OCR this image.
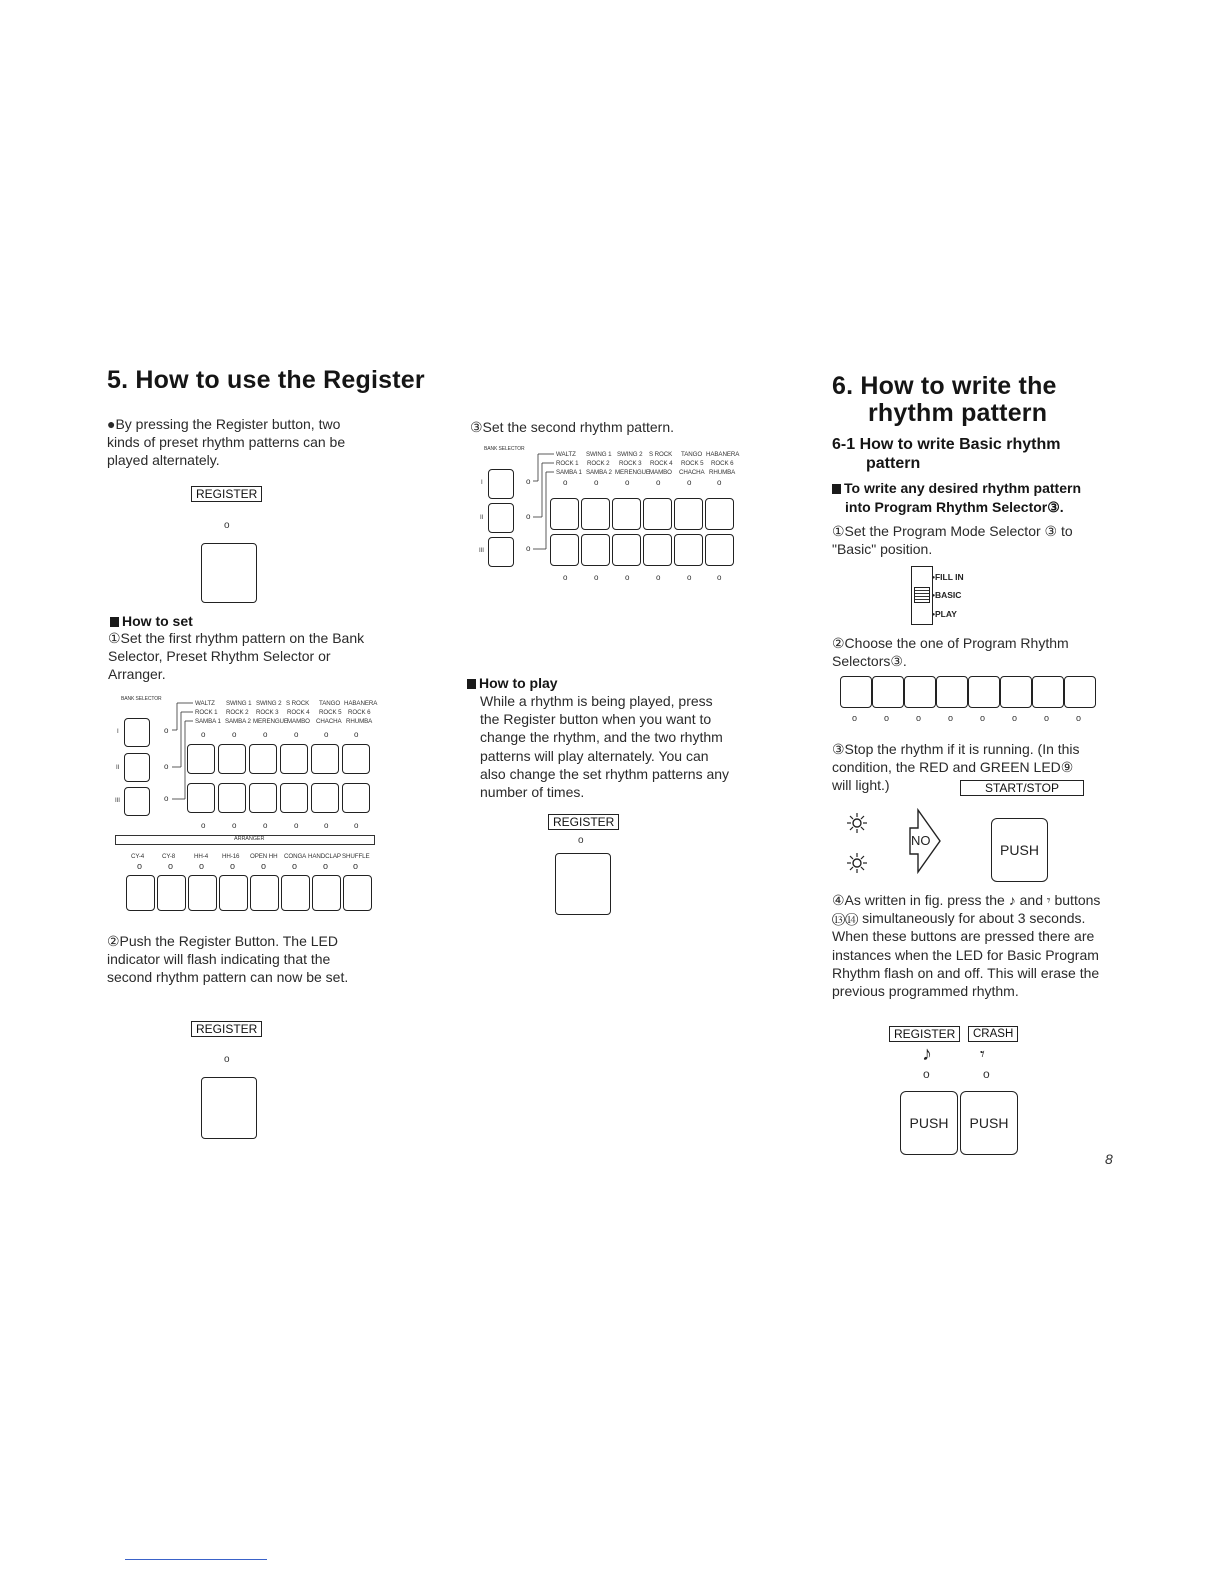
5. How to use the Register
●By pressing the Register button, two kinds of preset rhythm patterns can be played alternately.
REGISTER
o
How to set
①Set the first rhythm pattern on the Bank Selector, Preset Rhythm Selector or Arranger.
BANK SELECTOR
I
II
III
o
o
o
WALTZ SWING 1 SWING 2 S ROCK TANGO HABANERA
ROCK 1 ROCK 2 ROCK 3 ROCK 4 ROCK 5 ROCK 6
SAMBA 1 SAMBA 2 MERENGUE MAMBO CHACHA RHUMBA
o	o	o	o	o	o
o	o	o	o	o	o
ARRANGER
CY-4	CY-8	HH-4 HH-16 OPEN HH CONGA HANDCLAP SHUFFLE
o	o	o	o	o	o	o	o
②Push the Register Button. The LED indicator will flash indicating that the second rhythm pattern can now be set.
REGISTER
o
③Set the second rhythm pattern.
BANK SELECTOR
I
II
III
o
o
o
WALTZ SWING 1 SWING 2 S ROCK TANGO HABANERA
ROCK 1 ROCK 2 ROCK 3 ROCK 4 ROCK 5 ROCK 6
SAMBA 1 SAMBA 2 MERENGUE MAMBO CHACHA RHUMBA
o	o	o	o	o	o
o	o	o	o	o	o
How to play
While a rhythm is being played, press the Register button when you want to change the rhythm, and the two rhythm patterns will play alternately. You can also change the set rhythm patterns any number of times.
REGISTER
o
6. How to write the
rhythm pattern
6-1 How to write Basic rhythm
pattern
To write any desired rhythm pattern
into Program Rhythm Selector③.
①Set the Program Mode Selector ③ to "Basic" position.
•FILL IN
•BASIC
•PLAY
②Choose the one of Program Rhythm Selectors③.
o	o	o	o	o	o	o	o
③Stop the rhythm if it is running. (In this condition, the RED and GREEN LED⑨ will light.)	START/STOP
NO
PUSH
④As written in fig. press the ♪ and 𝄾 buttons ⑬⑭ simultaneously for about 3 seconds. When these buttons are pressed there are instances when the LED for Basic Program Rhythm flash on and off. This will erase the previous programmed rhythm.
REGISTER	CRASH
♪	𝄾
o	o
PUSH	PUSH
8
